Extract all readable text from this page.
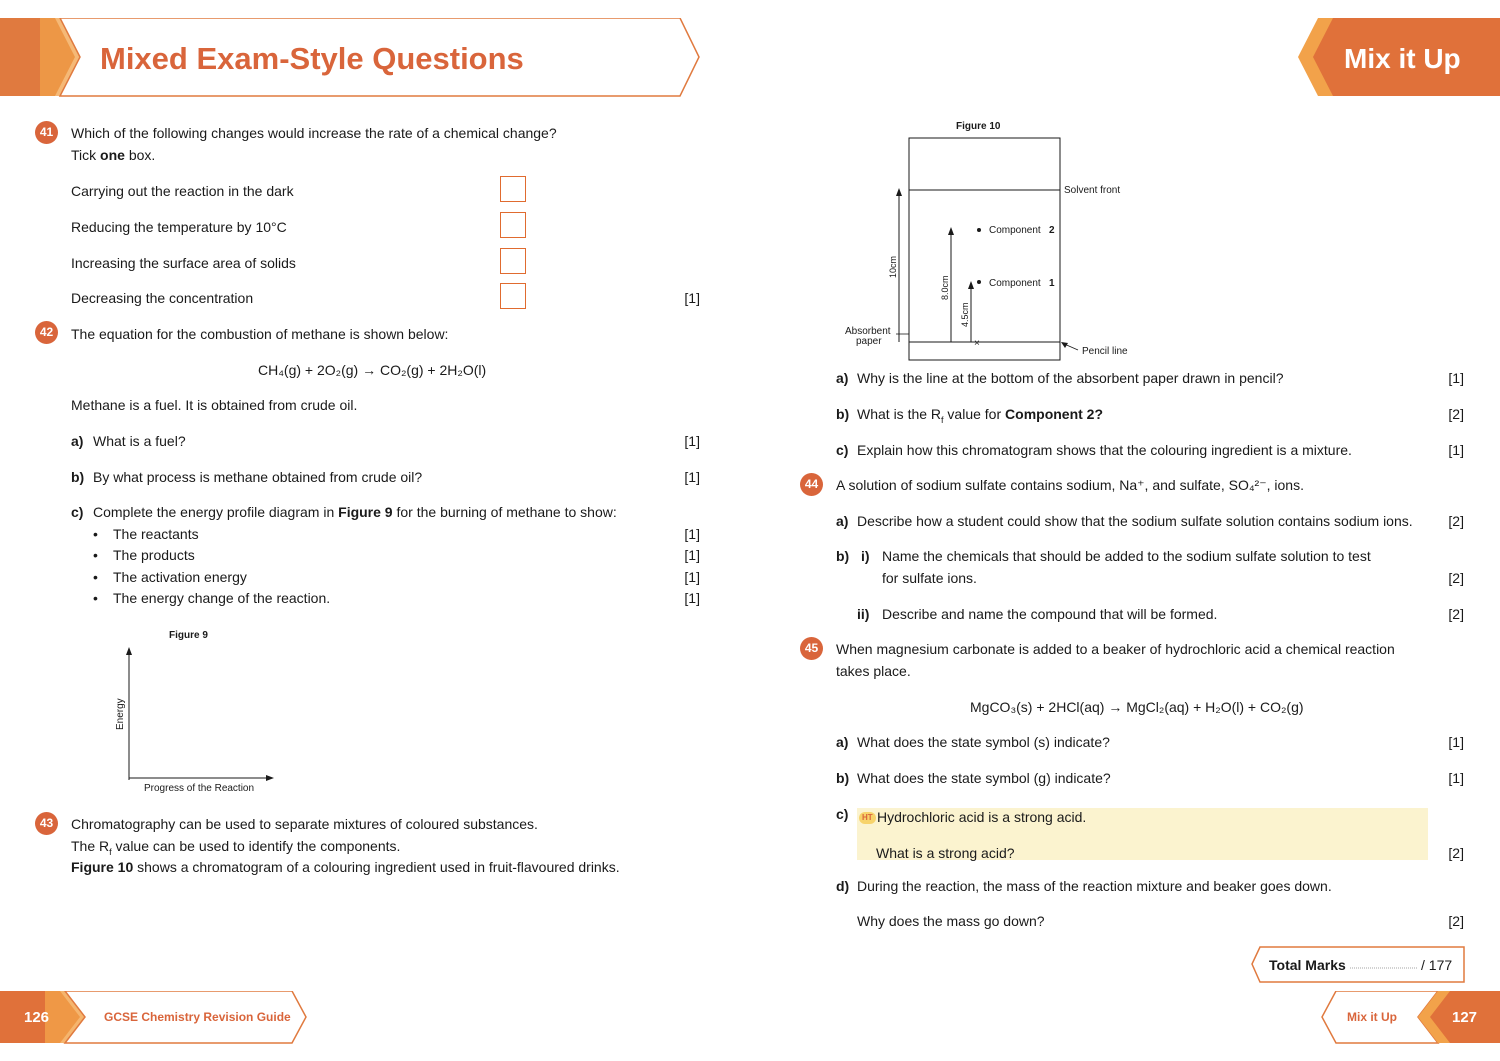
Mixed Exam-Style Questions	Mix it Up
41	Which of the following changes would increase the rate of a chemical change?
Tick one box.
Carrying out the reaction in the dark
Reducing the temperature by 10°C
Increasing the surface area of solids
Decreasing the concentration	[1]
42	The equation for the combustion of methane is shown below:
CH₄(g) + 2O₂(g) → CO₂(g) + 2H₂O(l)
Methane is a fuel. It is obtained from crude oil.
a) What is a fuel?	[1]
b) By what process is methane obtained from crude oil?	[1]
c) Complete the energy profile diagram in Figure 9 for the burning of methane to show:
• The reactants	[1]
• The products	[1]
• The activation energy	[1]
• The energy change of the reaction.	[1]
Figure 9
Energy
Progress of the Reaction
43	Chromatography can be used to separate mixtures of coloured substances.
The $R_f$ value can be used to identify the components.
Figure 10 shows a chromatogram of a colouring ingredient used in fruit-flavoured drinks.
Figure 10
Solvent front
10cm
8.0cm
4.5cm
Component 2
Component 1
×
Absorbent
paper
Pencil line
a) Why is the line at the bottom of the absorbent paper drawn in pencil?	[1]
b) What is the $R_f$ value for Component 2?	[2]
c) Explain how this chromatogram shows that the colouring ingredient is a mixture.	[1]
44	A solution of sodium sulfate contains sodium, Na⁺, and sulfate, SO₄²⁻, ions.
a) Describe how a student could show that the sodium sulfate solution contains sodium ions.	[2]
b) i) Name the chemicals that should be added to the sodium sulfate solution to test
for sulfate ions.	[2]
ii) Describe and name the compound that will be formed.	[2]
45	When magnesium carbonate is added to a beaker of hydrochloric acid a chemical reaction
takes place.
MgCO₃(s) + 2HCl(aq) → MgCl₂(aq) + H₂O(l) + CO₂(g)
a) What does the state symbol (s) indicate?	[1]
b) What does the state symbol (g) indicate?	[1]
c)	HT Hydrochloric acid is a strong acid.
What is a strong acid?	[2]
d) During the reaction, the mass of the reaction mixture and beaker goes down.
Why does the mass go down?	[2]
Total Marks	/ 177
126	GCSE Chemistry Revision Guide	Mix it Up	127
